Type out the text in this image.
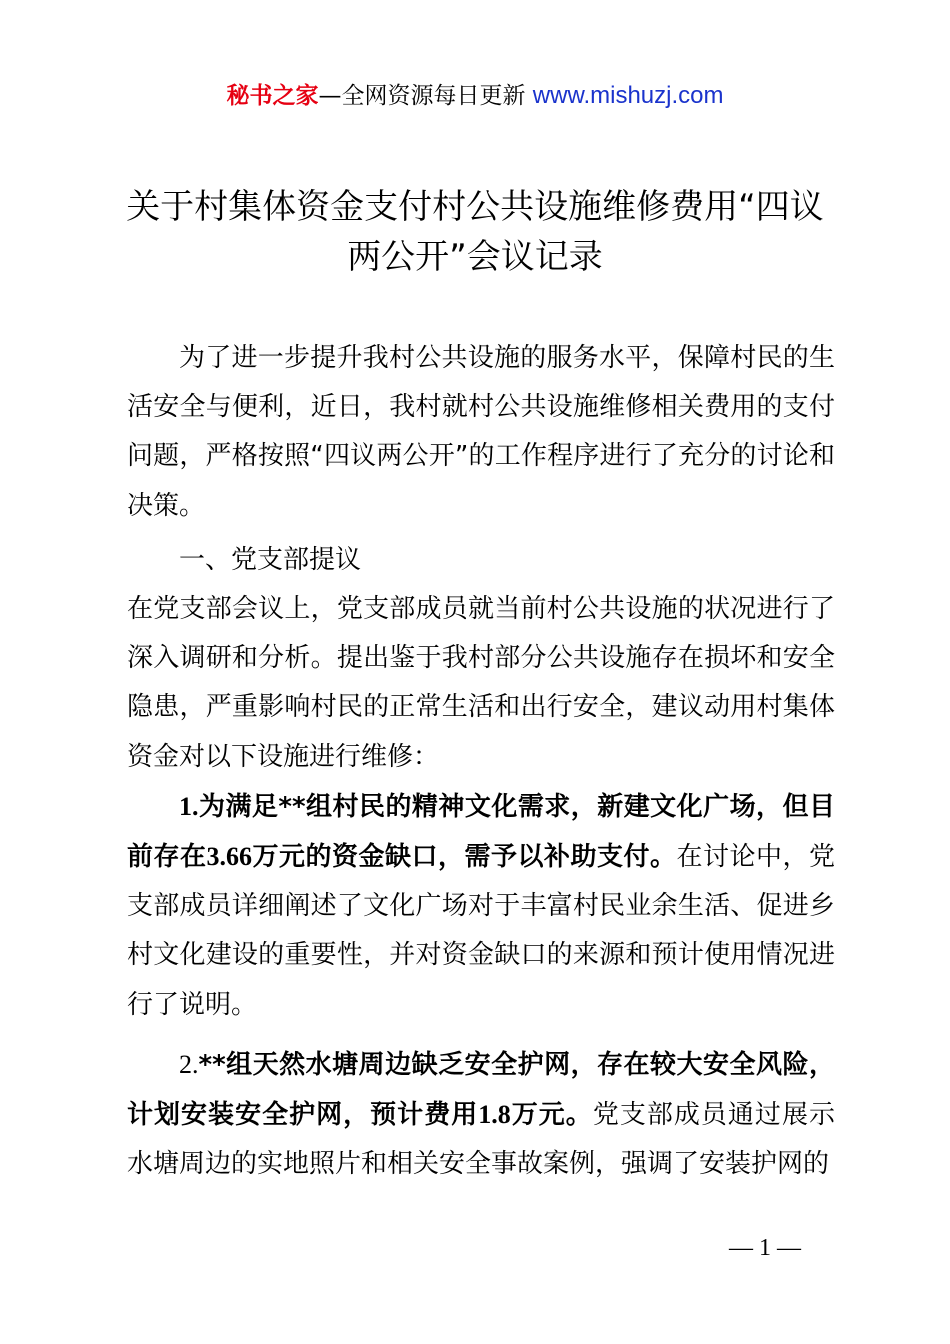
秘书之家—全网资源每日更新 www.mishuzj.com
关于村集体资金支付村公共设施维修费用“四议两公开”会议记录

为了进一步提升我村公共设施的服务水平，保障村民的生活安全与便利，近日，我村就村公共设施维修相关费用的支付问题，严格按照“四议两公开”的工作程序进行了充分的讨论和决策。

一、党支部提议

在党支部会议上，党支部成员就当前村公共设施的状况进行了深入调研和分析。提出鉴于我村部分公共设施存在损坏和安全隐患，严重影响村民的正常生活和出行安全，建议动用村集体资金对以下设施进行维修：

1.为满足**组村民的精神文化需求，新建文化广场，但目前存在3.66万元的资金缺口，需予以补助支付。在讨论中，党支部成员详细阐述了文化广场对于丰富村民业余生活、促进乡村文化建设的重要性，并对资金缺口的来源和预计使用情况进行了说明。

2.**组天然水塘周边缺乏安全护网，存在较大安全风险，计划安装安全护网，预计费用1.8万元。党支部成员通过展示水塘周边的实地照片和相关安全事故案例，强调了安装护网的

— 1 —
